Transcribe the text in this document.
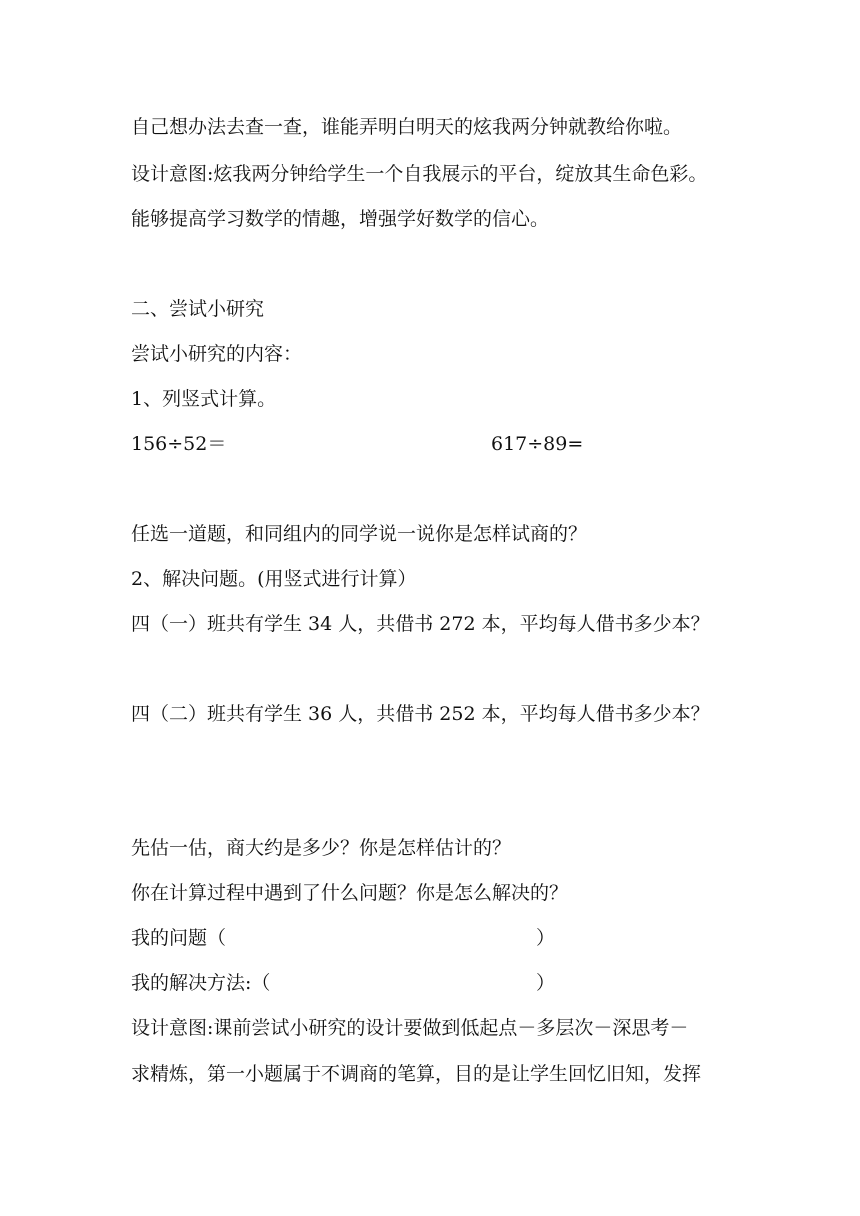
自己想办法去查一查，谁能弄明白明天的炫我两分钟就教给你啦。
设计意图:炫我两分钟给学生一个自我展示的平台，绽放其生命色彩。
能够提高学习数学的情趣，增强学好数学的信心。
二、尝试小研究
尝试小研究的内容：
1、列竖式计算。
156÷52＝	617÷89=
任选一道题，和同组内的同学说一说你是怎样试商的？
2、解决问题。(用竖式进行计算）
四（一）班共有学生 34 人，共借书 272 本，平均每人借书多少本？
四（二）班共有学生 36 人，共借书 252 本，平均每人借书多少本？
先估一估，商大约是多少？你是怎样估计的？
你在计算过程中遇到了什么问题？你是怎么解决的？
我的问题（	）
我的解决方法:（	）
设计意图:课前尝试小研究的设计要做到低起点－多层次－深思考－
求精炼，第一小题属于不调商的笔算，目的是让学生回忆旧知，发挥
